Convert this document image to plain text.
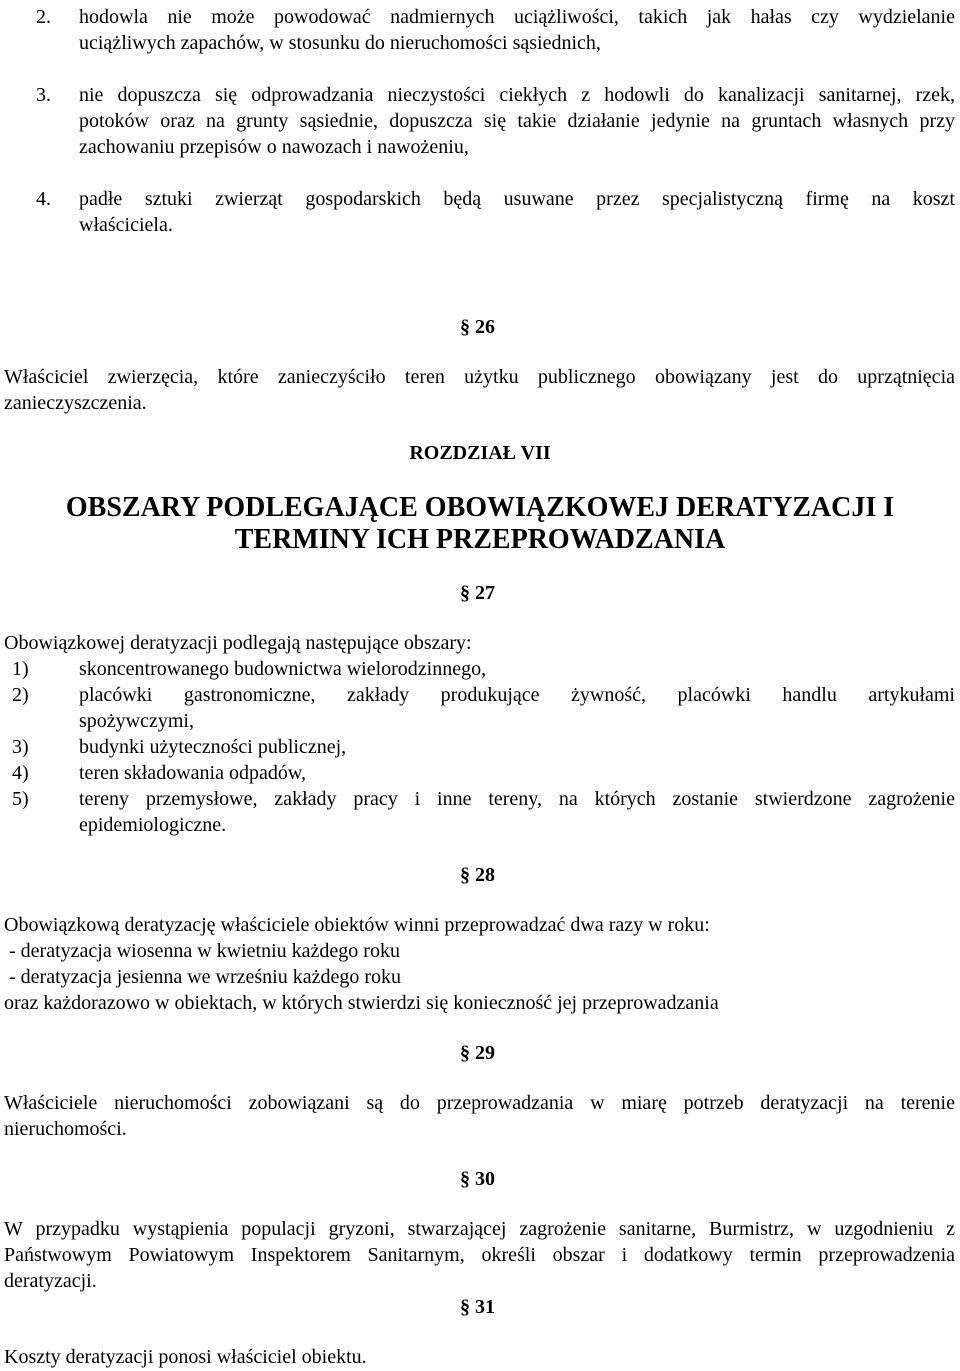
2. hodowla nie może powodować nadmiernych uciążliwości, takich jak hałas czy wydzielanie
uciążliwych zapachów, w stosunku do nieruchomości sąsiednich,
3. nie dopuszcza się odprowadzania nieczystości ciekłych z hodowli do kanalizacji sanitarnej, rzek,
potoków oraz na grunty sąsiednie, dopuszcza się takie działanie jedynie na gruntach własnych przy
zachowaniu przepisów o nawozach i nawożeniu,
4. padłe sztuki zwierząt gospodarskich będą usuwane przez specjalistyczną firmę na koszt
właściciela.
§ 26
Właściciel zwierzęcia, które zanieczyściło teren użytku publicznego obowiązany jest do uprzątnięcia
zanieczyszczenia.
ROZDZIAŁ VII
OBSZARY PODLEGAJĄCE OBOWIĄZKOWEJ DERATYZACJI I
TERMINY ICH PRZEPROWADZANIA
§ 27
Obowiązkowej deratyzacji podlegają następujące obszary:
1)	skoncentrowanego budownictwa wielorodzinnego,
2)	placówki gastronomiczne, zakłady produkujące żywność, placówki handlu artykułami
spożywczymi,
3)	budynki użyteczności publicznej,
4)	teren składowania odpadów,
5)	tereny przemysłowe, zakłady pracy i inne tereny, na których zostanie stwierdzone zagrożenie
epidemiologiczne.
§ 28
Obowiązkową deratyzację właściciele obiektów winni przeprowadzać dwa razy w roku:
- deratyzacja wiosenna w kwietniu każdego roku
- deratyzacja jesienna we wrześniu każdego roku
oraz każdorazowo w obiektach, w których stwierdzi się konieczność jej przeprowadzania
§ 29
Właściciele nieruchomości zobowiązani są do przeprowadzania w miarę potrzeb deratyzacji na terenie
nieruchomości.
§ 30
W przypadku wystąpienia populacji gryzoni, stwarzającej zagrożenie sanitarne, Burmistrz, w uzgodnieniu z
Państwowym Powiatowym Inspektorem Sanitarnym, określi obszar i dodatkowy termin przeprowadzenia
deratyzacji.
§ 31
Koszty deratyzacji ponosi właściciel obiektu.
